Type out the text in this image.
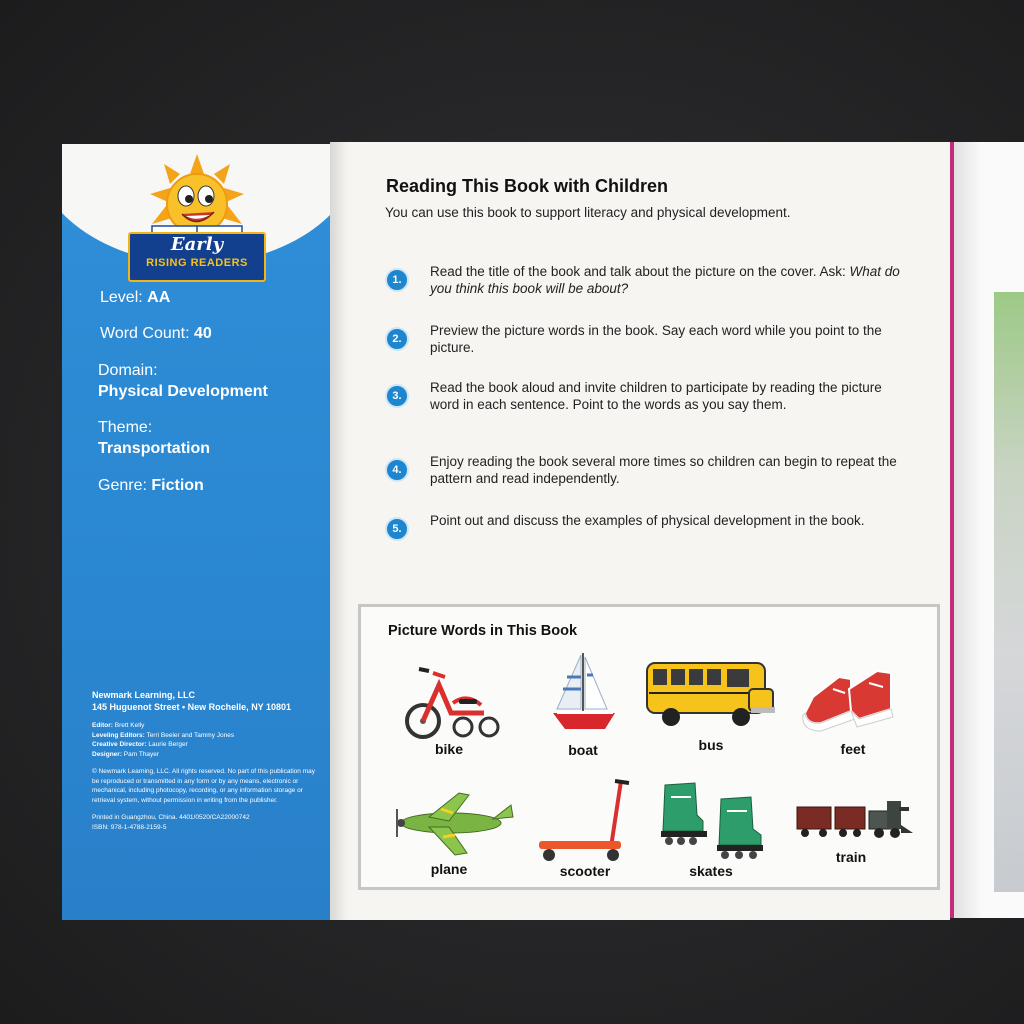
Early
RISING READERS
Level: AA
Word Count: 40
Domain:
Physical Development
Theme:
Transportation
Genre: Fiction
Newmark Learning, LLC
145 Huguenot Street • New Rochelle, NY 10801
Editor: Brett Kelly
Leveling Editors: Terri Beeler and Tammy Jones
Creative Director: Laurie Berger
Designer: Pam Thayer
© Newmark Learning, LLC. All rights reserved. No part of this publication may be reproduced or transmitted in any form or by any means, electronic or mechanical, including photocopy, recording, or any information storage or retrieval system, without permission in writing from the publisher.
Printed in Guangzhou, China. 4401/0520/CA22000742
ISBN: 978-1-4788-2159-5
Reading This Book with Children
You can use this book to support literacy and physical development.
1.
Read the title of the book and talk about the picture on the cover. Ask: What do you think this book will be about?
2.
Preview the picture words in the book. Say each word while you point to the picture.
3.
Read the book aloud and invite children to participate by reading the picture word in each sentence. Point to the words as you say them.
4.
Enjoy reading the book several more times so children can begin to repeat the pattern and read independently.
5.
Point out and discuss the examples of physical development in the book.
Picture Words in This Book
bike	boat	bus	feet
plane	scooter	skates
train
